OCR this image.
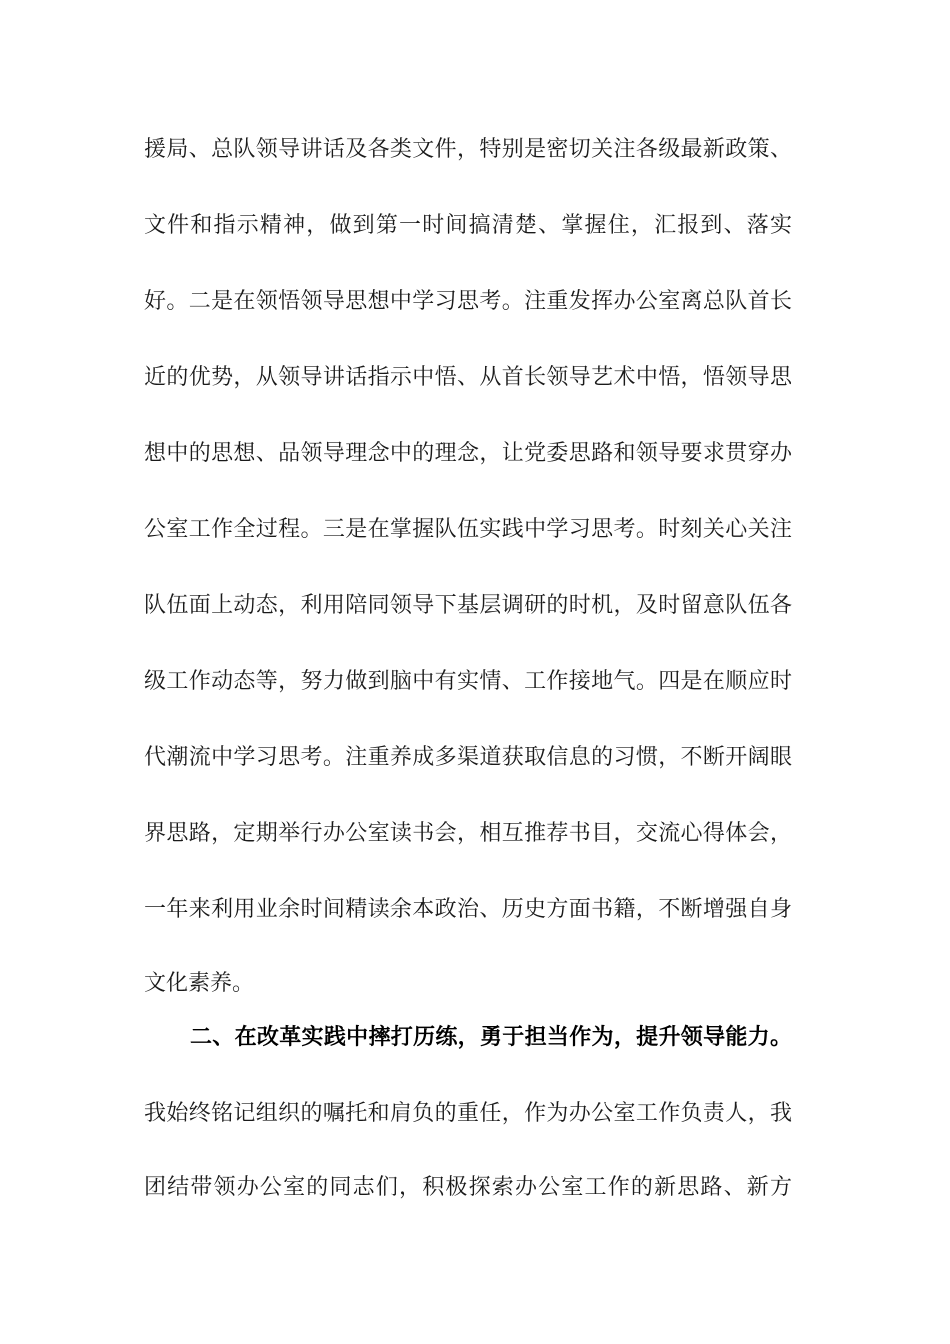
援局、总队领导讲话及各类文件，特别是密切关注各级最新政策、
文件和指示精神，做到第一时间搞清楚、掌握住，汇报到、落实
好。二是在领悟领导思想中学习思考。注重发挥办公室离总队首长
近的优势，从领导讲话指示中悟、从首长领导艺术中悟，悟领导思
想中的思想、品领导理念中的理念，让党委思路和领导要求贯穿办
公室工作全过程。三是在掌握队伍实践中学习思考。时刻关心关注
队伍面上动态，利用陪同领导下基层调研的时机，及时留意队伍各
级工作动态等，努力做到脑中有实情、工作接地气。四是在顺应时
代潮流中学习思考。注重养成多渠道获取信息的习惯，不断开阔眼
界思路，定期举行办公室读书会，相互推荐书目，交流心得体会，
一年来利用业余时间精读余本政治、历史方面书籍，不断增强自身
文化素养。
二、在改革实践中摔打历练，勇于担当作为，提升领导能力。
我始终铭记组织的嘱托和肩负的重任，作为办公室工作负责人，我
团结带领办公室的同志们，积极探索办公室工作的新思路、新方
